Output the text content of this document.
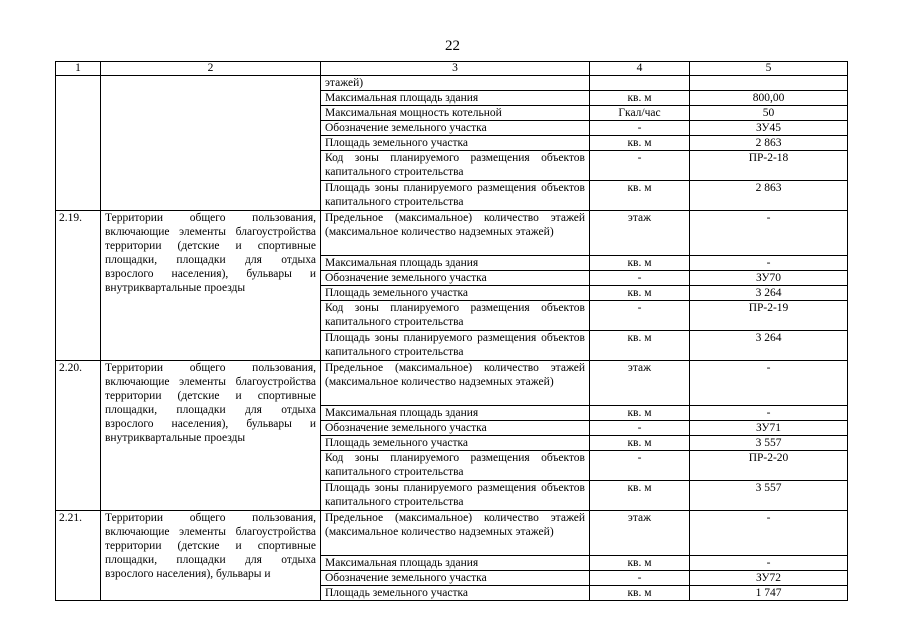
22
1	2	3	4	5
		этажей)		
		Максимальная площадь здания	кв. м	800,00
		Максимальная мощность котельной	Гкал/час	50
		Обозначение земельного участка	-	ЗУ45
		Площадь земельного участка	кв. м	2 863
		Код зоны планируемого размещения объектов капитального строительства	-	ПР-2-18
		Площадь зоны планируемого размещения объектов капитального строительства	кв. м	2 863
2.19.	Территории общего пользования, включающие элементы благоустройства территории (детские и спортивные площадки, площадки для отдыха взрослого населения), бульвары и внутриквартальные проезды	Предельное (максимальное) количество этажей (максимальное количество надземных этажей)	этаж	-
		Максимальная площадь здания	кв. м	-
		Обозначение земельного участка	-	ЗУ70
		Площадь земельного участка	кв. м	3 264
		Код зоны планируемого размещения объектов капитального строительства	-	ПР-2-19
		Площадь зоны планируемого размещения объектов капитального строительства	кв. м	3 264
2.20.	Территории общего пользования, включающие элементы благоустройства территории (детские и спортивные площадки, площадки для отдыха взрослого населения), бульвары и внутриквартальные проезды	Предельное (максимальное) количество этажей (максимальное количество надземных этажей)	этаж	-
		Максимальная площадь здания	кв. м	-
		Обозначение земельного участка	-	ЗУ71
		Площадь земельного участка	кв. м	3 557
		Код зоны планируемого размещения объектов капитального строительства	-	ПР-2-20
		Площадь зоны планируемого размещения объектов капитального строительства	кв. м	3 557
2.21.	Территории общего пользования, включающие элементы благоустройства территории (детские и спортивные площадки, площадки для отдыха взрослого населения), бульвары и	Предельное (максимальное) количество этажей (максимальное количество надземных этажей)	этаж	-
		Максимальная площадь здания	кв. м	-
		Обозначение земельного участка	-	ЗУ72
		Площадь земельного участка	кв. м	1 747
